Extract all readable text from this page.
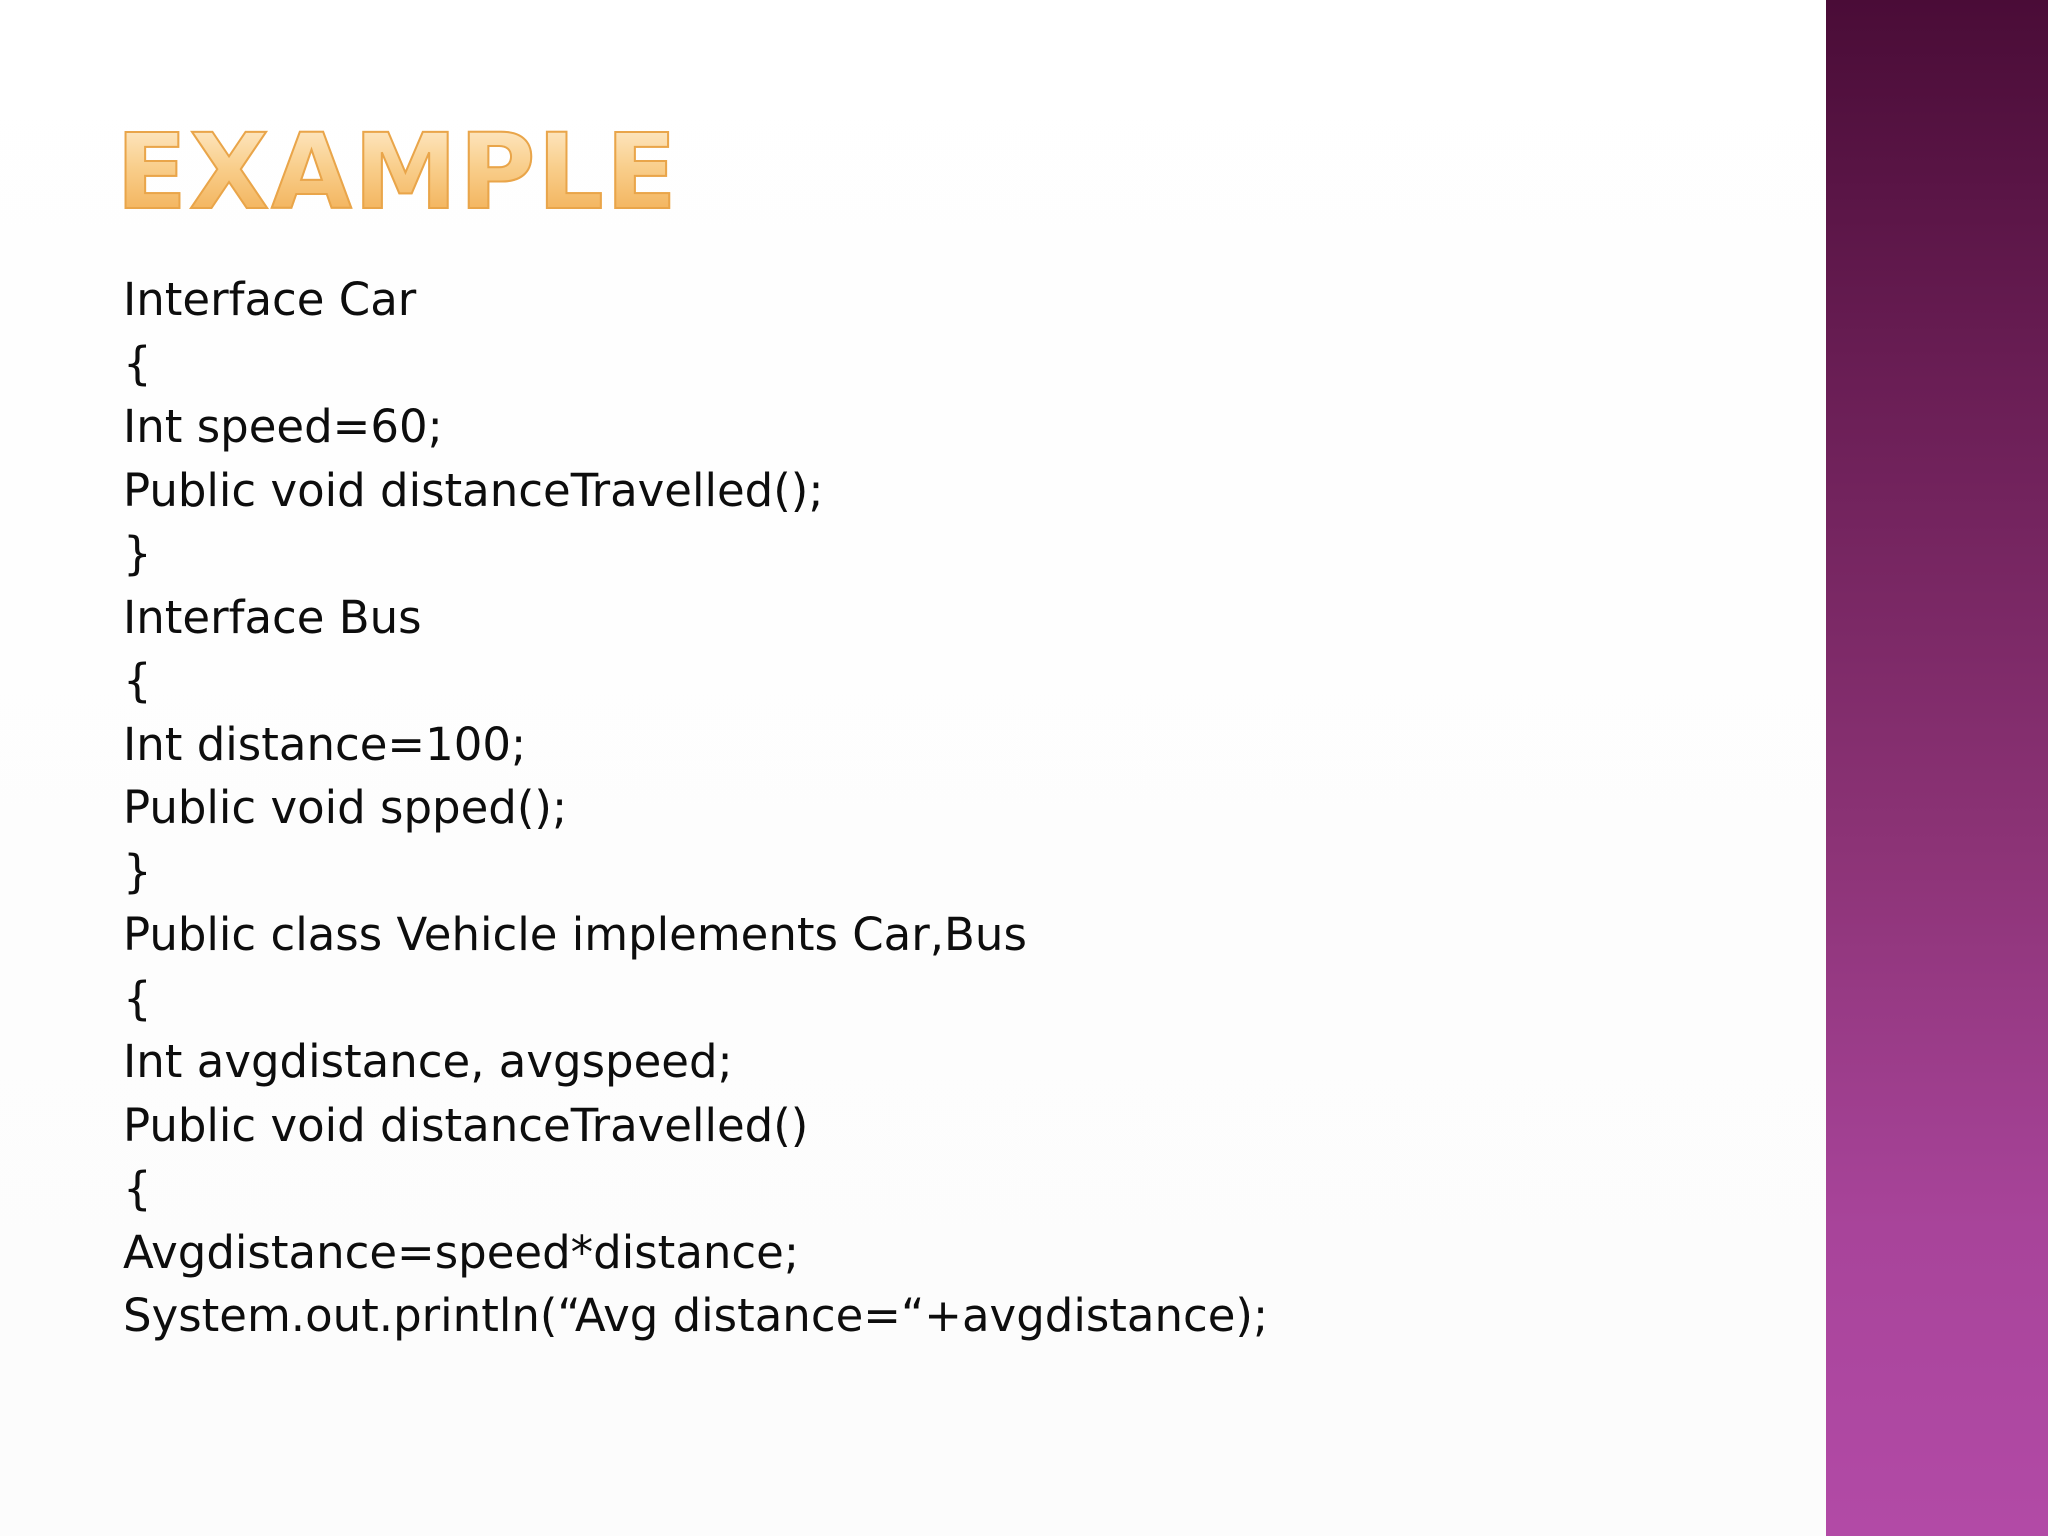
EXAMPLE
Interface Car
{
Int speed=60;
Public void distanceTravelled();
}
Interface Bus
{
Int distance=100;
Public void spped();
}
Public class Vehicle implements Car,Bus
{
Int avgdistance, avgspeed;
Public void distanceTravelled()
{
Avgdistance=speed*distance;
System.out.println(“Avg distance=“+avgdistance);
